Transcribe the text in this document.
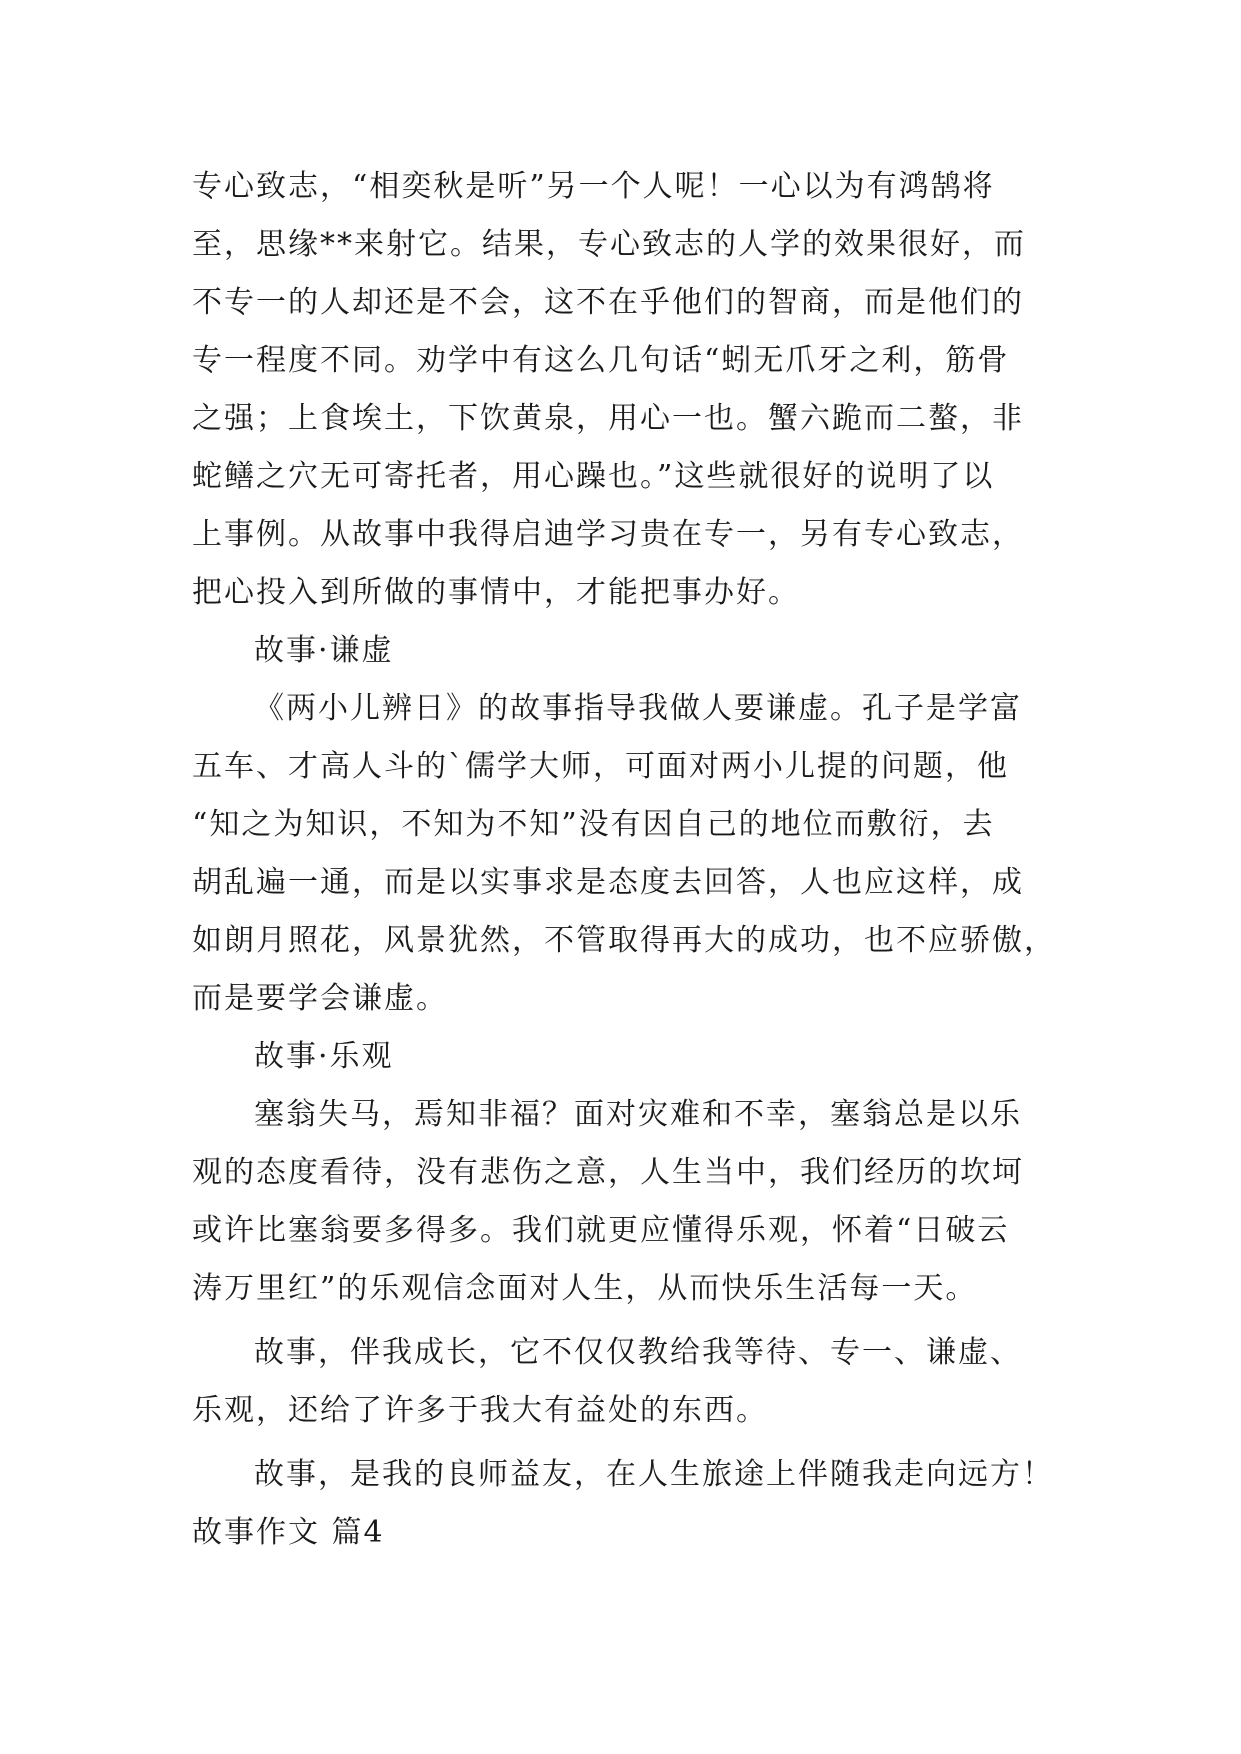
专心致志，“相奕秋是听”另一个人呢！一心以为有鸿鹄将
至，思缘**来射它。结果，专心致志的人学的效果很好，而
不专一的人却还是不会，这不在乎他们的智商，而是他们的
专一程度不同。劝学中有这么几句话“蚓无爪牙之利，筋骨
之强；上食埃土，下饮黄泉，用心一也。蟹六跪而二螯，非
蛇鳝之穴无可寄托者，用心躁也。”这些就很好的说明了以
上事例。从故事中我得启迪学习贵在专一，另有专心致志，
把心投入到所做的事情中，才能把事办好。
故事·谦虚
《两小儿辨日》的故事指导我做人要谦虚。孔子是学富
五车、才高人斗的`儒学大师，可面对两小儿提的问题，他
“知之为知识，不知为不知”没有因自己的地位而敷衍，去
胡乱遍一通，而是以实事求是态度去回答，人也应这样，成
如朗月照花，风景犹然，不管取得再大的成功，也不应骄傲，
而是要学会谦虚。
故事·乐观
塞翁失马，焉知非福？面对灾难和不幸，塞翁总是以乐
观的态度看待，没有悲伤之意，人生当中，我们经历的坎坷
或许比塞翁要多得多。我们就更应懂得乐观，怀着“日破云
涛万里红”的乐观信念面对人生，从而快乐生活每一天。
故事，伴我成长，它不仅仅教给我等待、专一、谦虚、
乐观，还给了许多于我大有益处的东西。
故事，是我的良师益友，在人生旅途上伴随我走向远方！
故事作文 篇4
